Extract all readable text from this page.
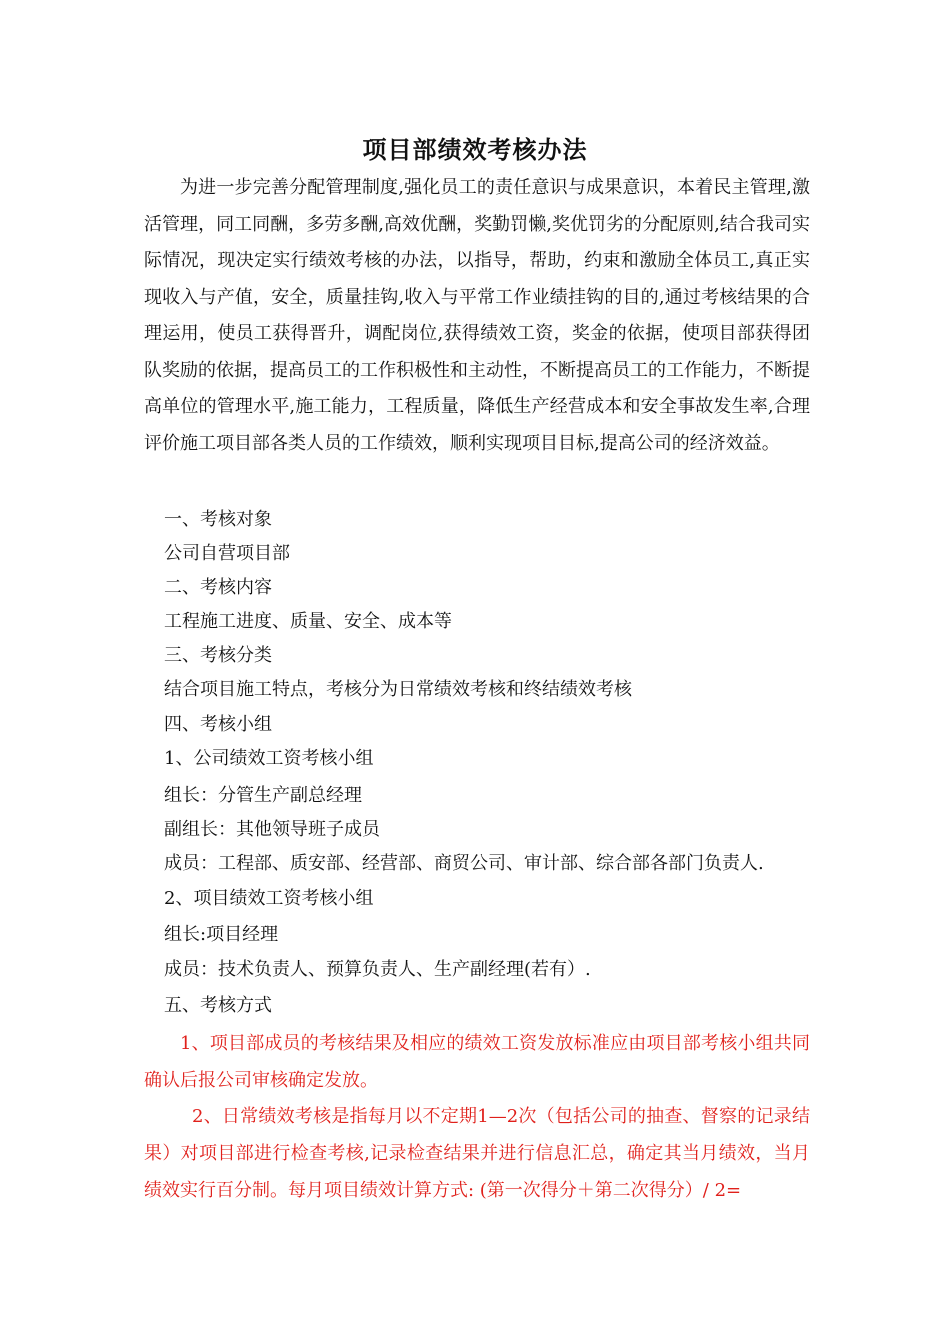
项目部绩效考核办法

为进一步完善分配管理制度,强化员工的责任意识与成果意识，本着民主管理,激活管理，同工同酬，多劳多酬,高效优酬，奖勤罚懒,奖优罚劣的分配原则,结合我司实际情况，现决定实行绩效考核的办法，以指导，帮助，约束和激励全体员工,真正实现收入与产值，安全，质量挂钩,收入与平常工作业绩挂钩的目的,通过考核结果的合理运用，使员工获得晋升，调配岗位,获得绩效工资，奖金的依据，使项目部获得团队奖励的依据，提高员工的工作积极性和主动性，不断提高员工的工作能力，不断提高单位的管理水平,施工能力，工程质量，降低生产经营成本和安全事故发生率,合理评价施工项目部各类人员的工作绩效，顺利实现项目目标,提高公司的经济效益。

一、考核对象

公司自营项目部

二、考核内容

工程施工进度、质量、安全、成本等

三、考核分类

结合项目施工特点，考核分为日常绩效考核和终结绩效考核

四、考核小组

1、公司绩效工资考核小组

组长：分管生产副总经理

副组长：其他领导班子成员

成员：工程部、质安部、经营部、商贸公司、审计部、综合部各部门负责人.

2、项目绩效工资考核小组

组长:项目经理

成员：技术负责人、预算负责人、生产副经理(若有）.

五、考核方式

1、项目部成员的考核结果及相应的绩效工资发放标准应由项目部考核小组共同确认后报公司审核确定发放。

2、日常绩效考核是指每月以不定期1—2次（包括公司的抽查、督察的记录结果）对项目部进行检查考核,记录检查结果并进行信息汇总，确定其当月绩效，当月绩效实行百分制。每月项目绩效计算方式: (第一次得分＋第二次得分）/ 2=
